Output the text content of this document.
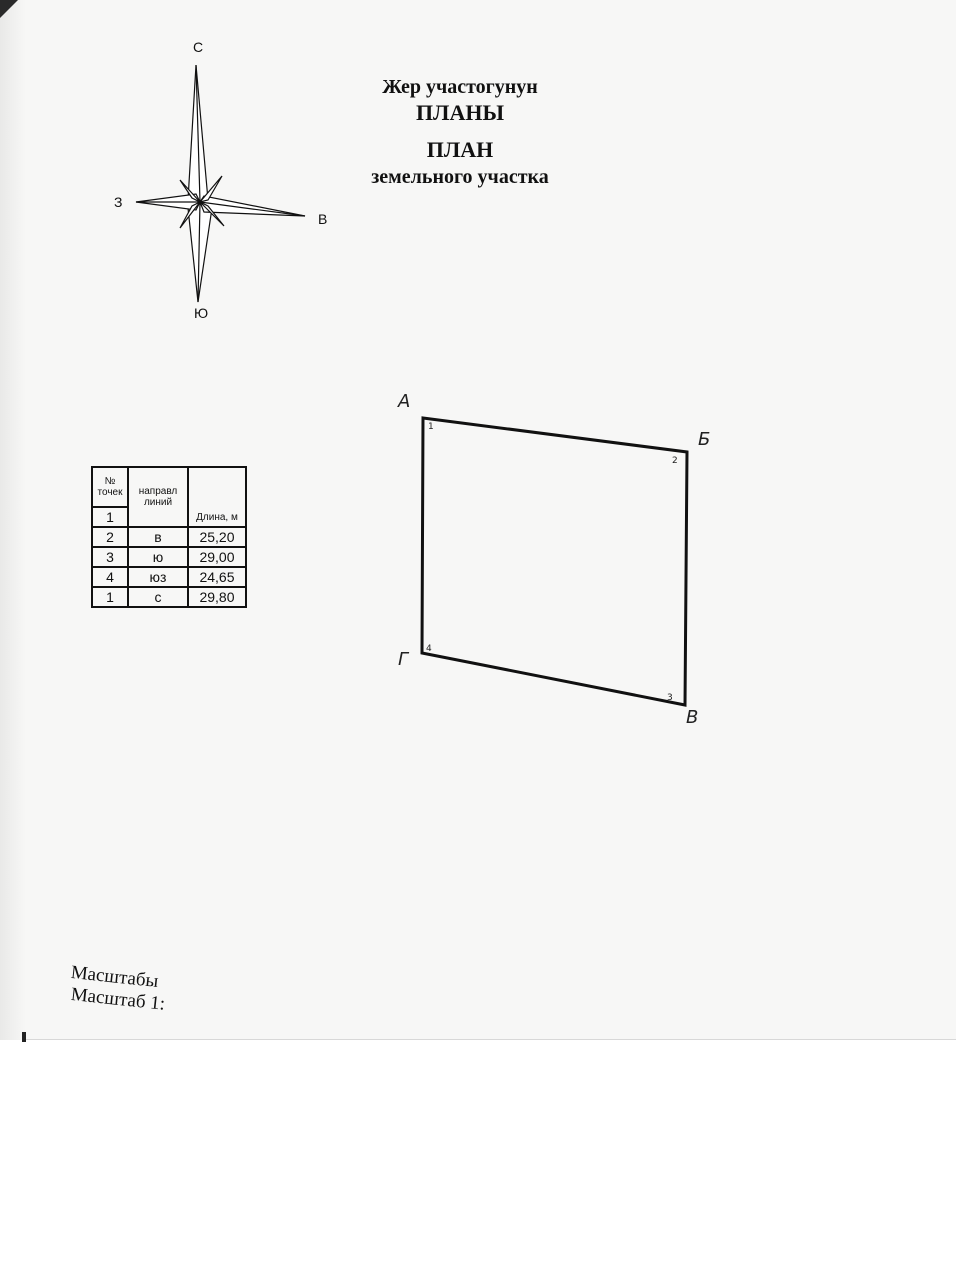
С
Ю
З
В
Жер участогунун
ПЛАНЫ
ПЛАН
земельного участка
№ точек	направл линий	Длина, м
1		
2	в	25,20
3	ю	29,00
4	юз	24,65
1	с	29,80
А
Б
В
Г
1
2
3
4
Масштабы
Масштаб 1:
